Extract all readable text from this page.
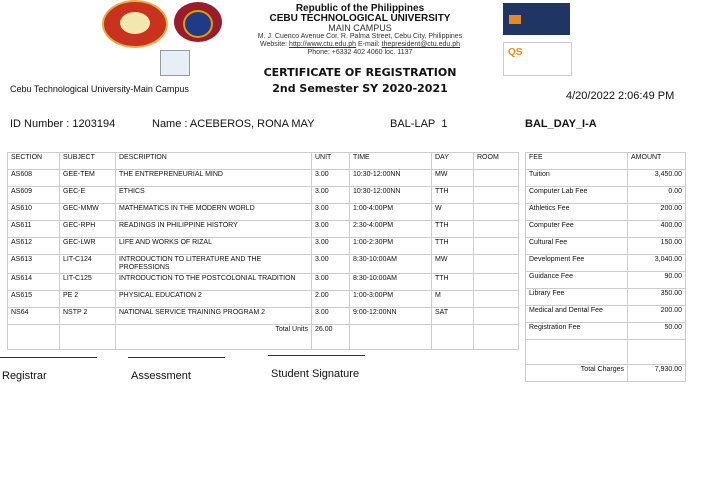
QS
Republic of the Philippines
CEBU TECHNOLOGICAL UNIVERSITY
MAIN CAMPUS
M. J. Cuenco Avenue Cor. R. Palma Street, Cebu City, Philippines
Website: http://www.ctu.edu.ph E-mail: thepresident@ctu.edu.ph
Phone: +6332 402 4060 loc. 1137
CERTIFICATE OF REGISTRATION
2nd Semester SY 2020-2021
Cebu Technological University-Main Campus
4/20/2022 2:06:49 PM
ID Number : 1203194	Name : ACEBEROS, RONA MAY	BAL-LAP 1	BAL_DAY_I-A
SECTION	SUBJECT	DESCRIPTION	UNIT	TIME	DAY	ROOM
AS608	GEE-TEM	THE ENTREPRENEURIAL MIND	3.00	10:30-12:00NN	MW	
AS609	GEC-E	ETHICS	3.00	10:30-12:00NN	TTH	
AS610	GEC-MMW	MATHEMATICS IN THE MODERN WORLD	3.00	1:00-4:00PM	W	
AS611	GEC-RPH	READINGS IN PHILIPPINE HISTORY	3.00	2:30-4:00PM	TTH	
AS612	GEC-LWR	LIFE AND WORKS OF RIZAL	3.00	1:00-2:30PM	TTH	
AS613	LIT-C124	INTRODUCTION TO LITERATURE AND THE PROFESSIONS	3.00	8:30-10:00AM	MW	
AS614	LIT-C125	INTRODUCTION TO THE POSTCOLONIAL TRADITION	3.00	8:30-10:00AM	TTH	
AS615	PE 2	PHYSICAL EDUCATION 2	2.00	1:00-3:00PM	M	
NS64	NSTP 2	NATIONAL SERVICE TRAINING PROGRAM 2	3.00	9:00-12:00NN	SAT	
		Total Units	26.00			
FEE	AMOUNT
Tuition	3,450.00
Computer Lab Fee	0.00
Athletics Fee	200.00
Computer Fee	400.00
Cultural Fee	150.00
Development Fee	3,040.00
Guidance Fee	90.00
Library Fee	350.00
Medical and Dental Fee	200.00
Registration Fee	50.00

Total Charges	7,930.00
Registrar	Assessment	Student Signature
